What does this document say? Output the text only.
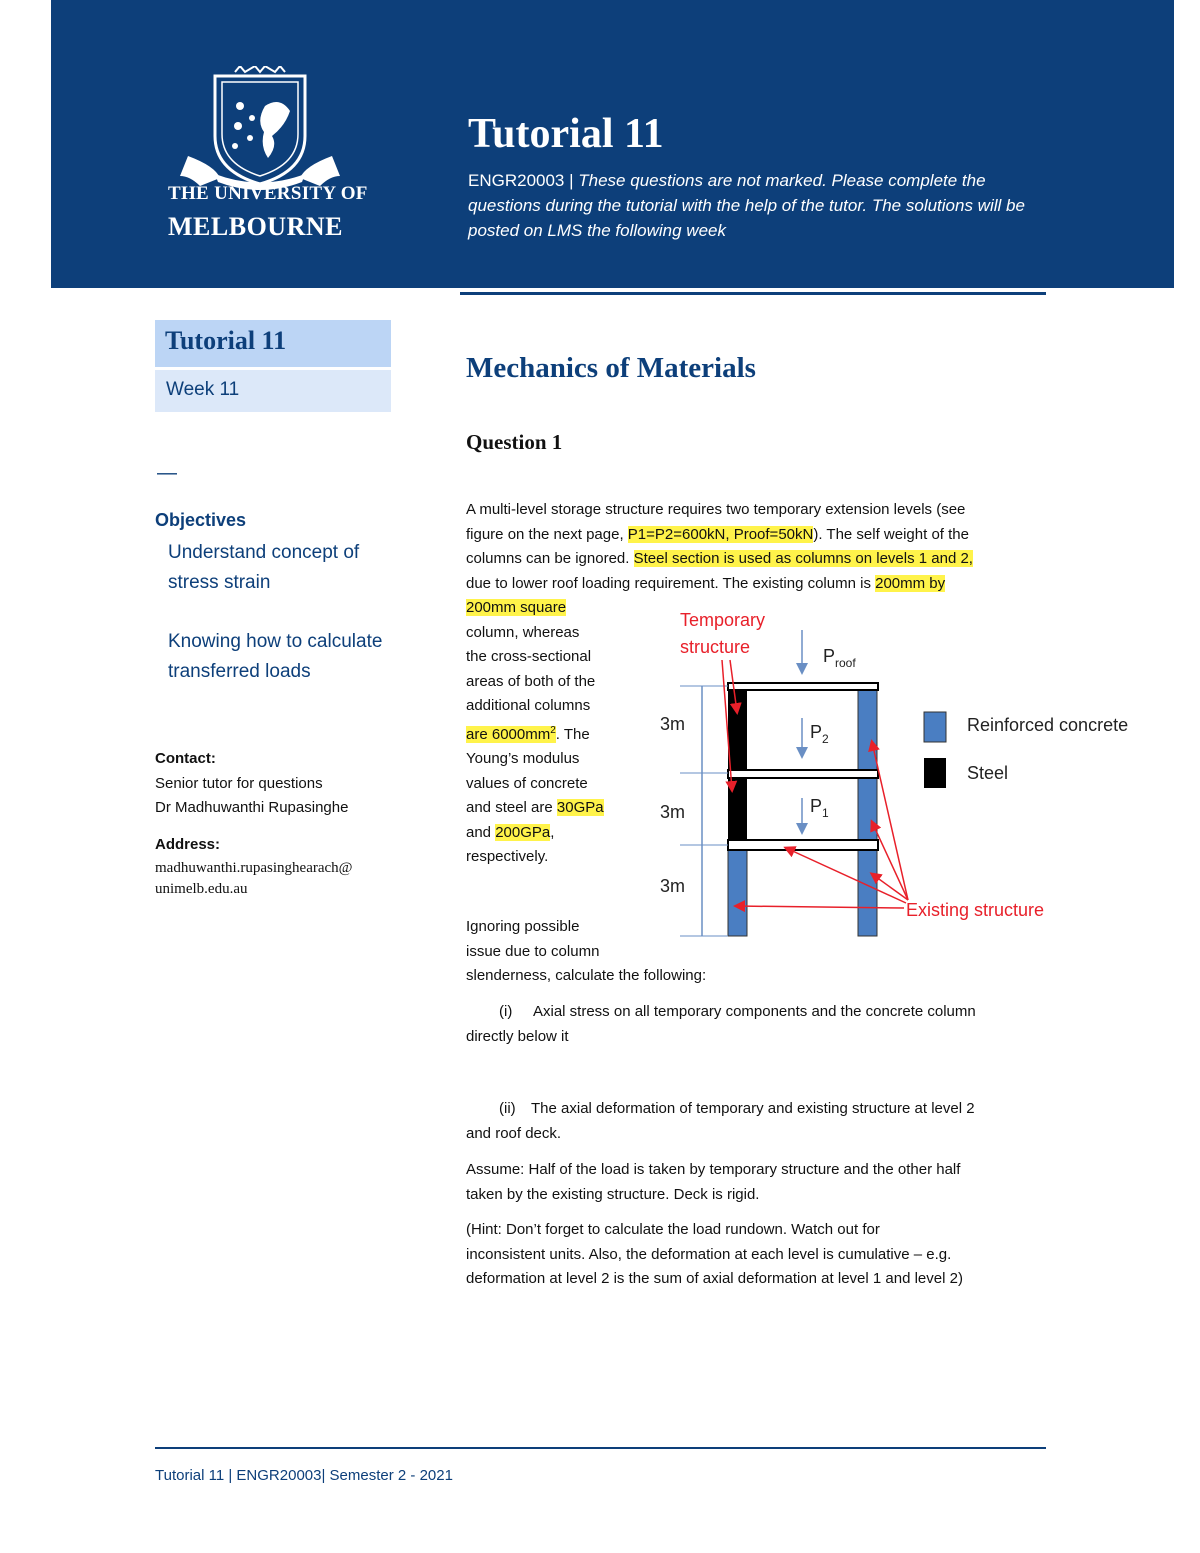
THE UNIVERSITY OF
MELBOURNE
Tutorial 11
ENGR20003 | These questions are not marked. Please complete the questions during the tutorial with the help of the tutor. The solutions will be posted on LMS the following week
Tutorial 11
Week 11
—
Objectives
Understand concept of stress strain
Knowing how to calculate transferred loads
Contact:
Senior tutor for questions
Dr Madhuwanthi Rupasinghe
Address:
madhuwanthi.rupasinghearach@
unimelb.edu.au
Mechanics of Materials
Question 1
A multi-level storage structure requires two temporary extension levels (see
figure on the next page, P1=P2=600kN, Proof=50kN). The self weight of the
columns can be ignored. Steel section is used as columns on levels 1 and 2,
due to lower roof loading requirement. The existing column is 200mm by
200mm square
column, whereas
the cross-sectional
areas of both of the
additional columns
are $6000mm^2$. The
Young’s modulus
values of concrete
and steel are 30GPa
and 200GPa,
respectively.
Ignoring possible
issue due to column
slenderness, calculate the following:
(i) Axial stress on all temporary components and the concrete column
directly below it
(ii) The axial deformation of temporary and existing structure at level 2
and roof deck.
Assume: Half of the load is taken by temporary structure and the other half
taken by the existing structure. Deck is rigid.
(Hint: Don’t forget to calculate the load rundown. Watch out for
inconsistent units. Also, the deformation at each level is cumulative – e.g.
deformation at level 2 is the sum of axial deformation at level 1 and level 2)
3m
3m
3m
$P_{roof}$
$P_2$
$P_1$
Temporary
structure
Reinforced concrete
Steel
Existing structure
Tutorial 11 | ENGR20003| Semester 2 - 2021
